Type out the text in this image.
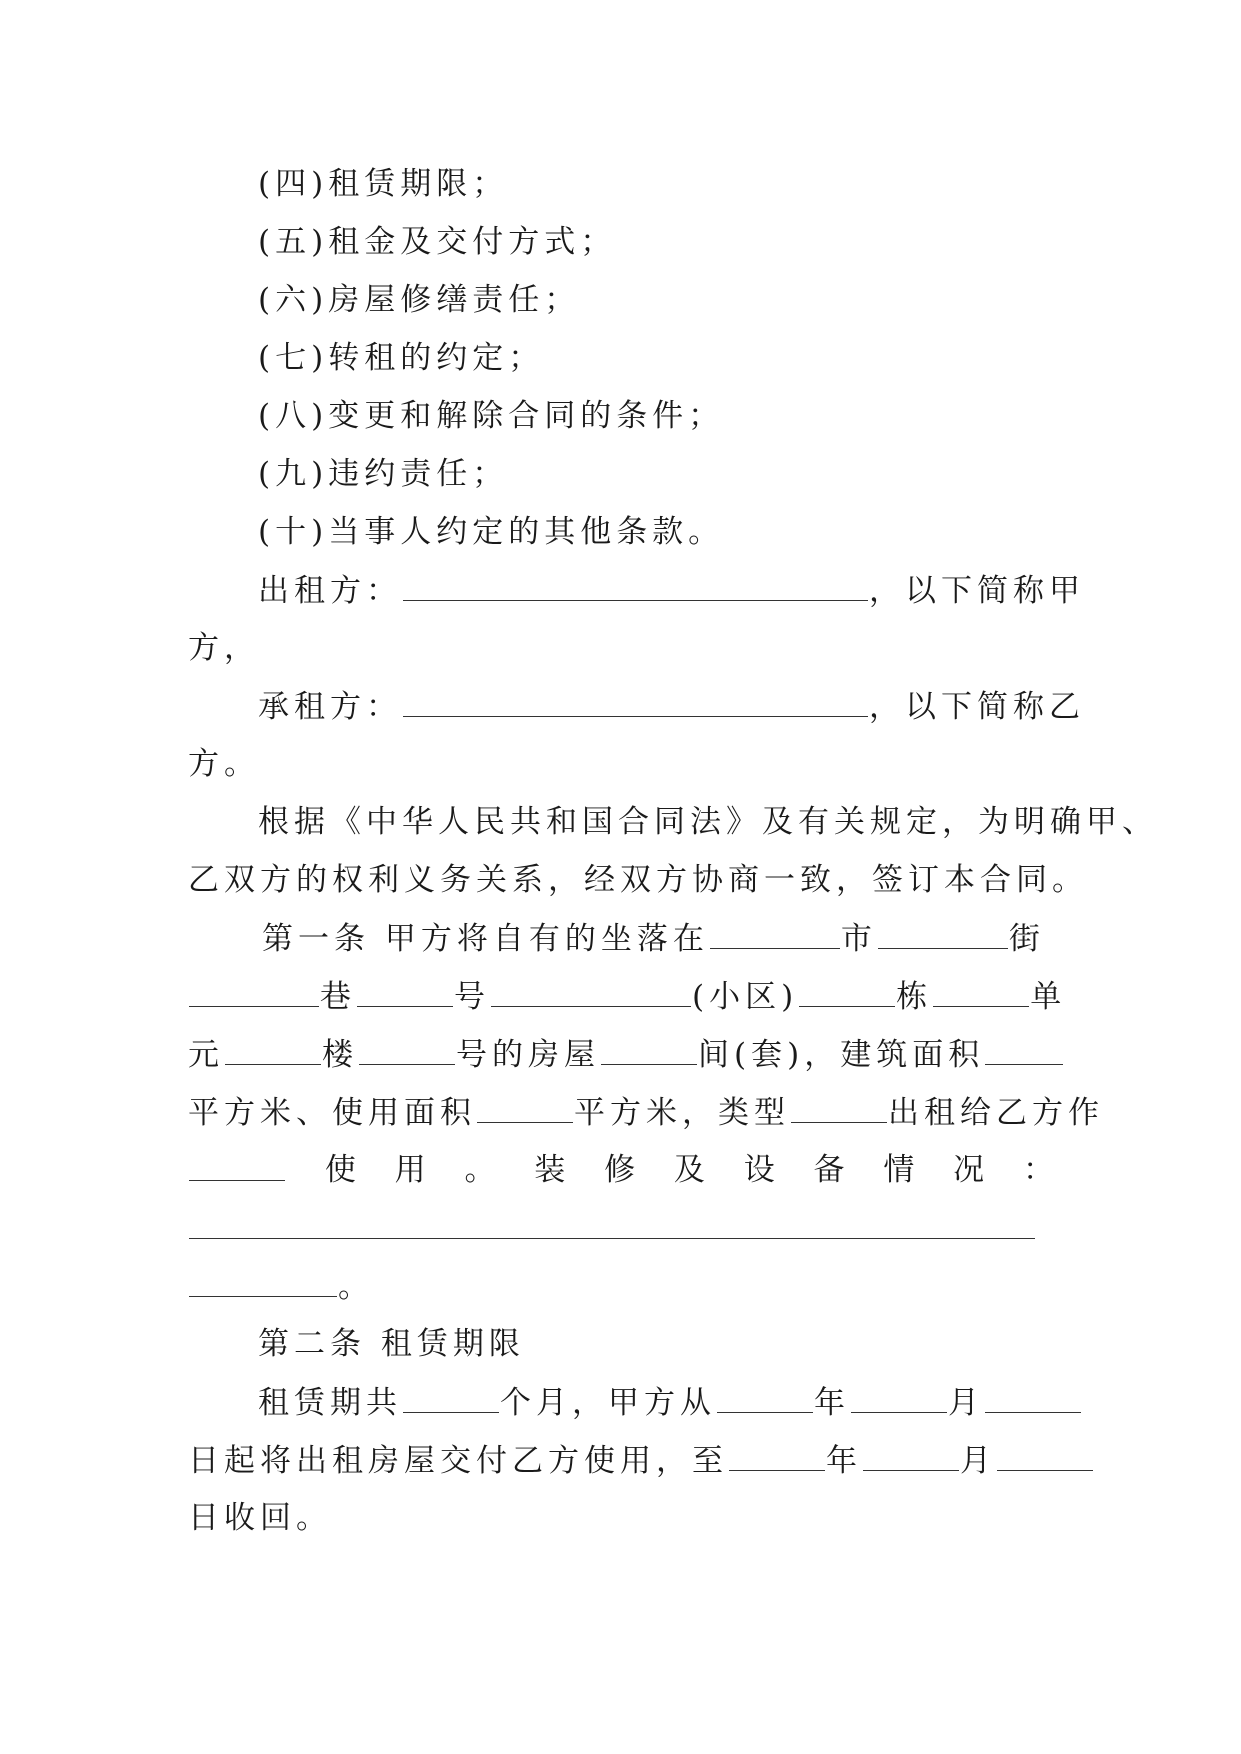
(四)租赁期限；
(五)租金及交付方式；
(六)房屋修缮责任；
(七)转租的约定；
(八)变更和解除合同的条件；
(九)违约责任；
(十)当事人约定的其他条款。
出租方：	，以下简称甲
方，
承租方：	，以下简称乙
方。
根据《中华人民共和国合同法》及有关规定，为明确甲、
乙双方的权利义务关系，经双方协商一致，签订本合同。
第一条 甲方将自有的坐落在	市	街
巷	号	(小区)	栋	单
元	楼	号的房屋	间(套)，建筑面积
平方米、使用面积	平方米，类型	出租给乙方作
使 用 。 装 修 及 设 备 情 况 ：
。
第二条 租赁期限
租赁期共	个月，甲方从	年	月
日起将出租房屋交付乙方使用，至	年	月
日收回。
